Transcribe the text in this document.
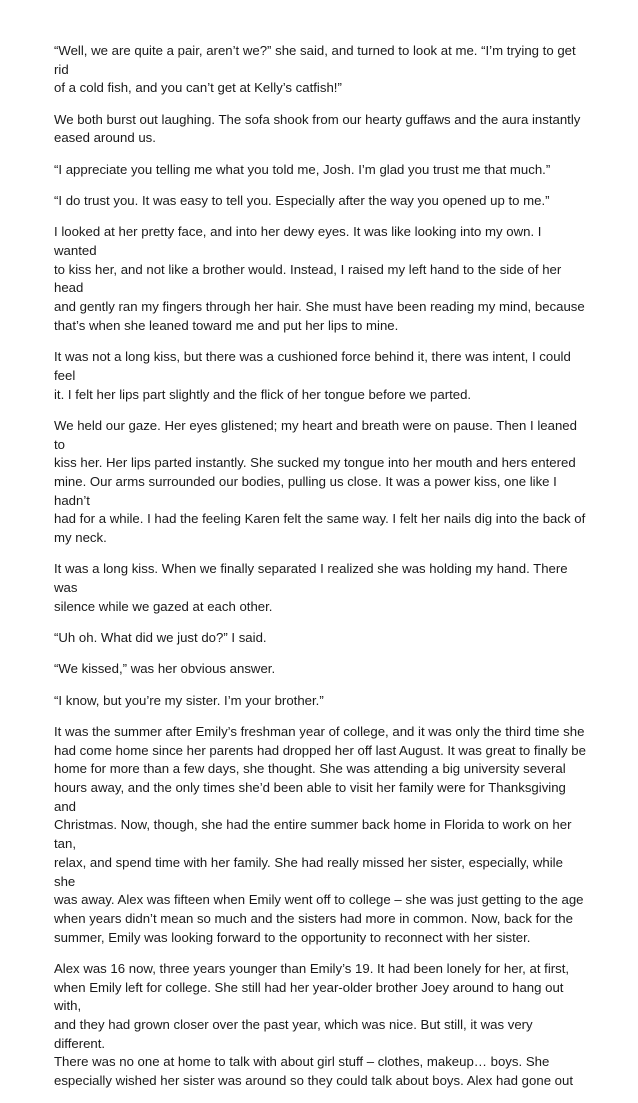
“Well, we are quite a pair, aren’t we?” she said, and turned to look at me. “I’m trying to get rid
of a cold fish, and you can’t get at Kelly’s catfish!”

We both burst out laughing. The sofa shook from our hearty guffaws and the aura instantly
eased around us.

“I appreciate you telling me what you told me, Josh. I’m glad you trust me that much.”

“I do trust you. It was easy to tell you. Especially after the way you opened up to me.”

I looked at her pretty face, and into her dewy eyes. It was like looking into my own. I wanted
to kiss her, and not like a brother would. Instead, I raised my left hand to the side of her head
and gently ran my fingers through her hair. She must have been reading my mind, because
that’s when she leaned toward me and put her lips to mine.

It was not a long kiss, but there was a cushioned force behind it, there was intent, I could feel
it. I felt her lips part slightly and the flick of her tongue before we parted.

We held our gaze. Her eyes glistened; my heart and breath were on pause. Then I leaned to
kiss her. Her lips parted instantly. She sucked my tongue into her mouth and hers entered
mine. Our arms surrounded our bodies, pulling us close. It was a power kiss, one like I hadn’t
had for a while. I had the feeling Karen felt the same way. I felt her nails dig into the back of
my neck.

It was a long kiss. When we finally separated I realized she was holding my hand. There was
silence while we gazed at each other.

“Uh oh. What did we just do?” I said.

“We kissed,” was her obvious answer.

“I know, but you’re my sister. I’m your brother.”

It was the summer after Emily’s freshman year of college, and it was only the third time she
had come home since her parents had dropped her off last August. It was great to finally be
home for more than a few days, she thought. She was attending a big university several
hours away, and the only times she’d been able to visit her family were for Thanksgiving and
Christmas. Now, though, she had the entire summer back home in Florida to work on her tan,
relax, and spend time with her family. She had really missed her sister, especially, while she
was away. Alex was fifteen when Emily went off to college – she was just getting to the age
when years didn’t mean so much and the sisters had more in common. Now, back for the
summer, Emily was looking forward to the opportunity to reconnect with her sister.

Alex was 16 now, three years younger than Emily’s 19. It had been lonely for her, at first,
when Emily left for college. She still had her year-older brother Joey around to hang out with,
and they had grown closer over the past year, which was nice. But still, it was very different.
There was no one at home to talk with about girl stuff – clothes, makeup… boys. She
especially wished her sister was around so they could talk about boys. Alex had gone out
